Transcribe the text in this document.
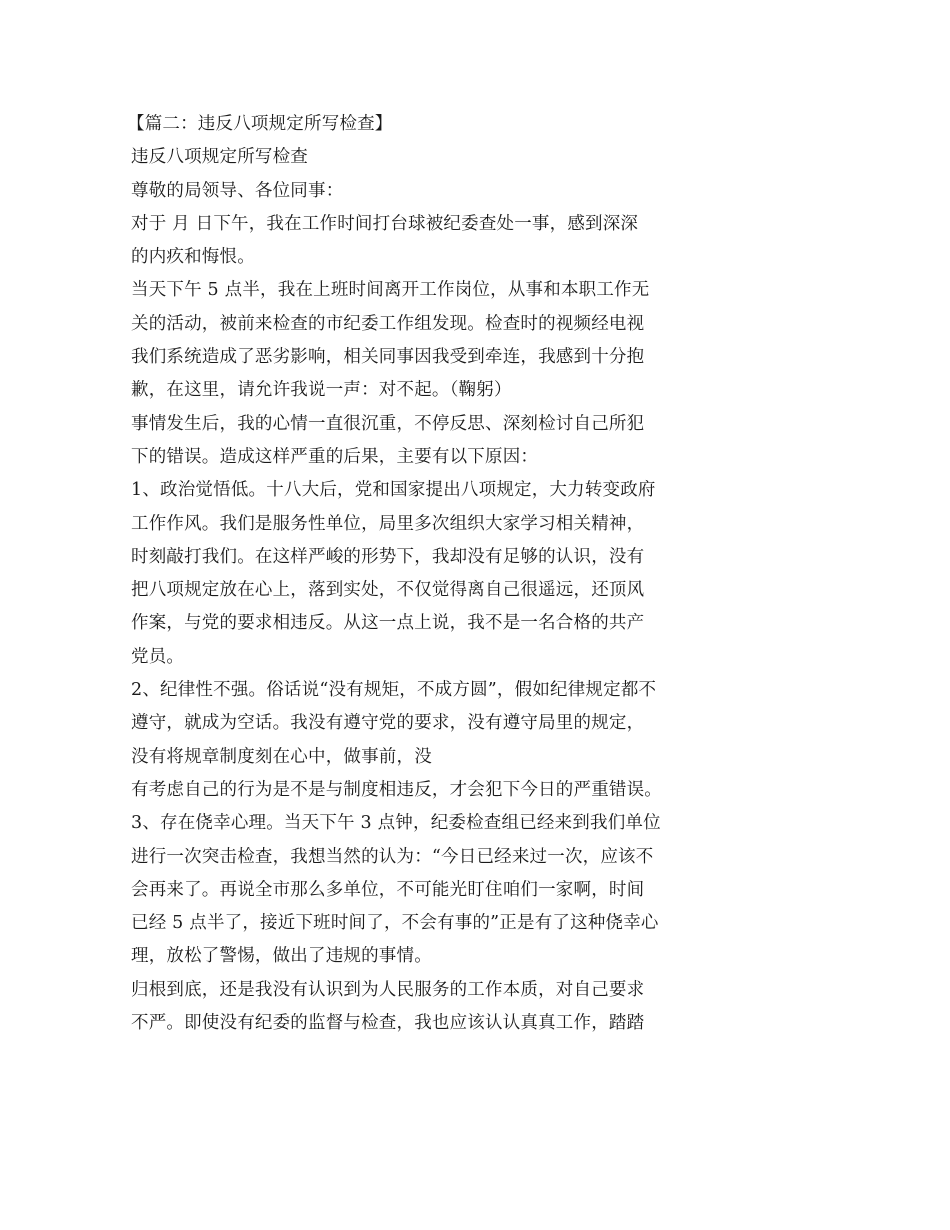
【篇二：违反八项规定所写检查】
违反八项规定所写检查
尊敬的局领导、各位同事：
对于 月 日下午，我在工作时间打台球被纪委查处一事，感到深深
的内疚和悔恨。
当天下午 5 点半，我在上班时间离开工作岗位，从事和本职工作无
关的活动，被前来检查的市纪委工作组发现。检查时的视频经电视
我们系统造成了恶劣影响，相关同事因我受到牵连，我感到十分抱
歉，在这里，请允许我说一声：对不起。（鞠躬）
事情发生后，我的心情一直很沉重，不停反思、深刻检讨自己所犯
下的错误。造成这样严重的后果，主要有以下原因：
1、政治觉悟低。十八大后，党和国家提出八项规定，大力转变政府
工作作风。我们是服务性单位，局里多次组织大家学习相关精神，
时刻敲打我们。在这样严峻的形势下，我却没有足够的认识，没有
把八项规定放在心上，落到实处，不仅觉得离自己很遥远，还顶风
作案，与党的要求相违反。从这一点上说，我不是一名合格的共产
党员。
2、纪律性不强。俗话说“没有规矩，不成方圆”，假如纪律规定都不
遵守，就成为空话。我没有遵守党的要求，没有遵守局里的规定，
没有将规章制度刻在心中，做事前，没
有考虑自己的行为是不是与制度相违反，才会犯下今日的严重错误。
3、存在侥幸心理。当天下午 3 点钟，纪委检查组已经来到我们单位
进行一次突击检查，我想当然的认为：“今日已经来过一次，应该不
会再来了。再说全市那么多单位，不可能光盯住咱们一家啊，时间
已经 5 点半了，接近下班时间了，不会有事的”正是有了这种侥幸心
理，放松了警惕，做出了违规的事情。
归根到底，还是我没有认识到为人民服务的工作本质，对自己要求
不严。即使没有纪委的监督与检查，我也应该认认真真工作，踏踏
